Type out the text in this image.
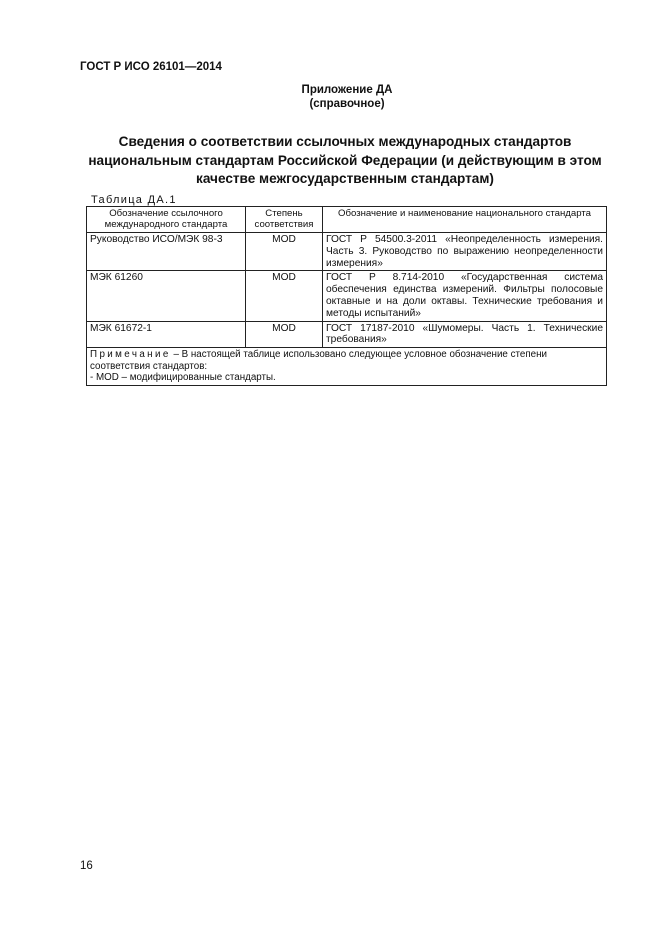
ГОСТ Р ИСО 26101—2014
Приложение ДА
(справочное)
Сведения о соответствии ссылочных международных стандартов
национальным стандартам Российской Федерации (и действующим в этом
качестве межгосударственным стандартам)
Таблица ДА.1
Обозначение ссылочного международного стандарта	Степень соответствия	Обозначение и наименование национального стандарта
Руководство ИСО/МЭК 98-3	MOD	ГОСТ Р 54500.3-2011 «Неопределенность измерения. Часть 3. Руководство по выражению неопределенности измерения»
МЭК 61260	MOD	ГОСТ Р 8.714-2010 «Государственная система обеспечения единства измерений. Фильтры полосовые октавные и на доли октавы. Технические требования и методы испытаний»
МЭК 61672-1	MOD	ГОСТ 17187-2010 «Шумомеры. Часть 1. Технические требования»
Примечание – В настоящей таблице использовано следующее условное обозначение степени соответствия стандартов:
- MOD – модифицированные стандарты.		
16
